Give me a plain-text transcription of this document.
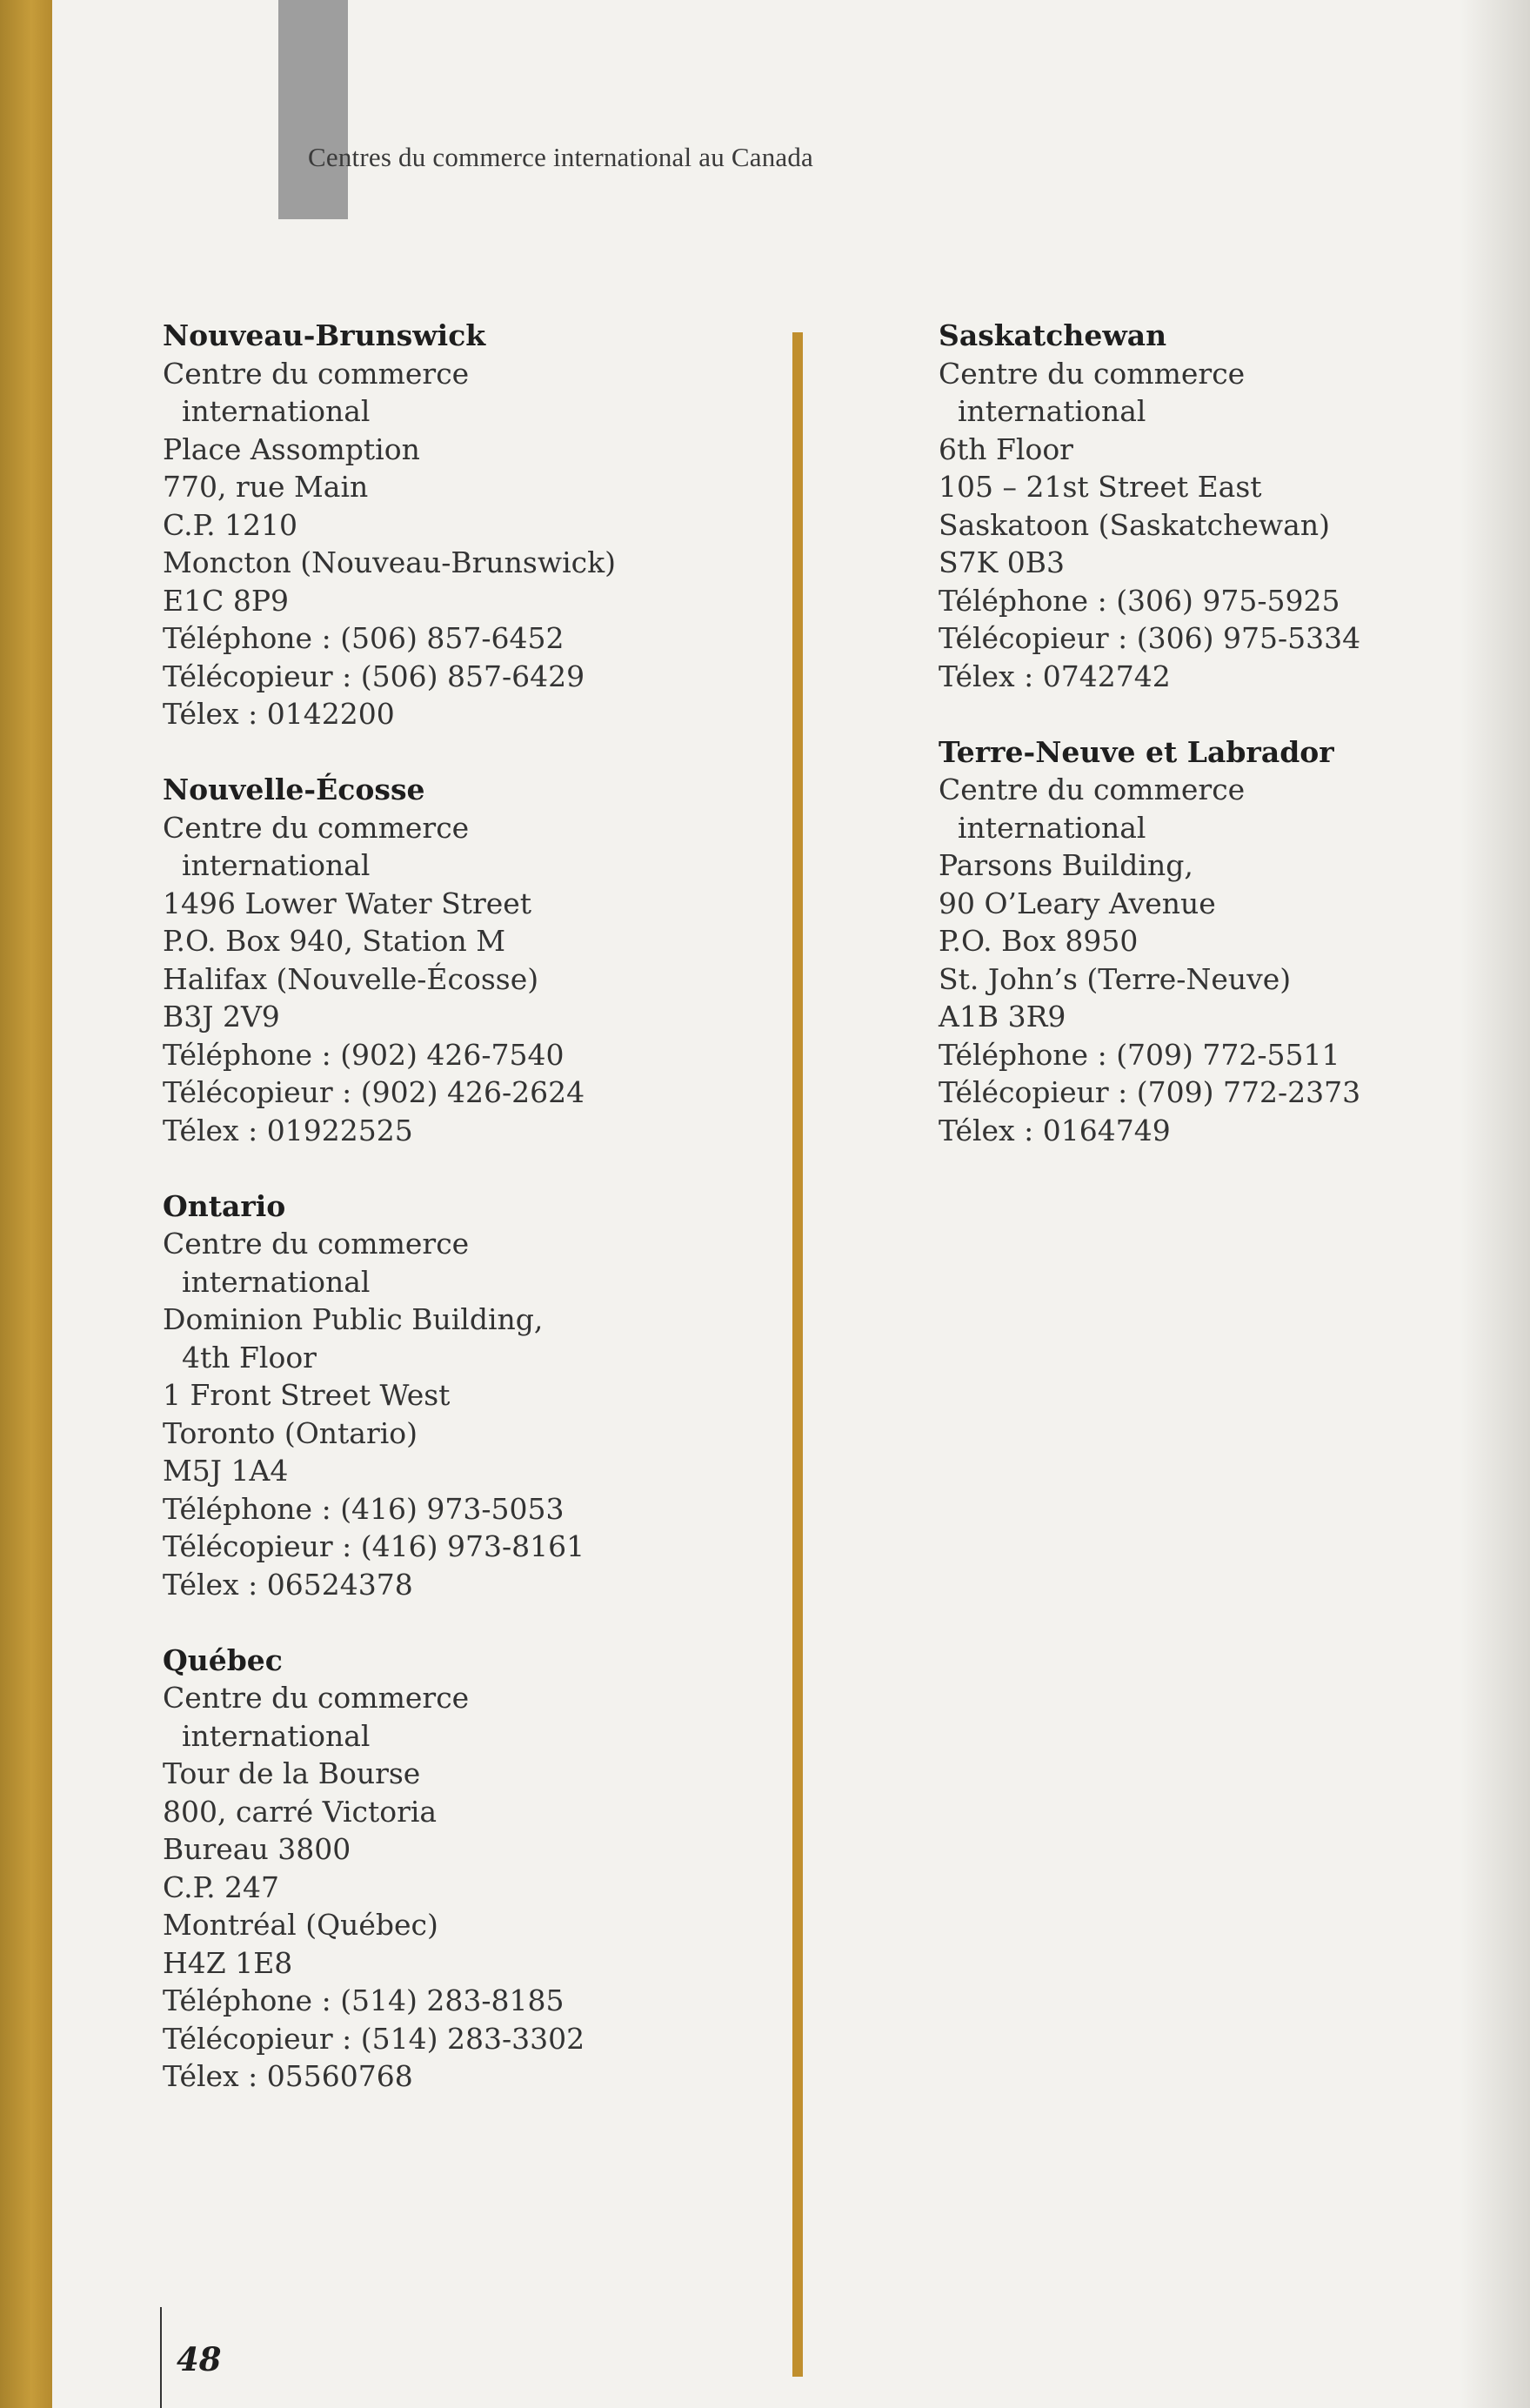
Centres du commerce international au Canada
Nouveau-Brunswick
Centre du commerce
international
Place Assomption
770, rue Main
C.P. 1210
Moncton (Nouveau-Brunswick)
E1C 8P9
Téléphone : (506) 857-6452
Télécopieur : (506) 857-6429
Télex : 0142200
Nouvelle-Écosse
Centre du commerce
international
1496 Lower Water Street
P.O. Box 940, Station M
Halifax (Nouvelle-Écosse)
B3J 2V9
Téléphone : (902) 426-7540
Télécopieur : (902) 426-2624
Télex : 01922525
Ontario
Centre du commerce
international
Dominion Public Building,
4th Floor
1 Front Street West
Toronto (Ontario)
M5J 1A4
Téléphone : (416) 973-5053
Télécopieur : (416) 973-8161
Télex : 06524378
Québec
Centre du commerce
international
Tour de la Bourse
800, carré Victoria
Bureau 3800
C.P. 247
Montréal (Québec)
H4Z 1E8
Téléphone : (514) 283-8185
Télécopieur : (514) 283-3302
Télex : 05560768
Saskatchewan
Centre du commerce
international
6th Floor
105 – 21st Street East
Saskatoon (Saskatchewan)
S7K 0B3
Téléphone : (306) 975-5925
Télécopieur : (306) 975-5334
Télex : 0742742
Terre-Neuve et Labrador
Centre du commerce
international
Parsons Building,
90 O’Leary Avenue
P.O. Box 8950
St. John’s (Terre-Neuve)
A1B 3R9
Téléphone : (709) 772-5511
Télécopieur : (709) 772-2373
Télex : 0164749
48
